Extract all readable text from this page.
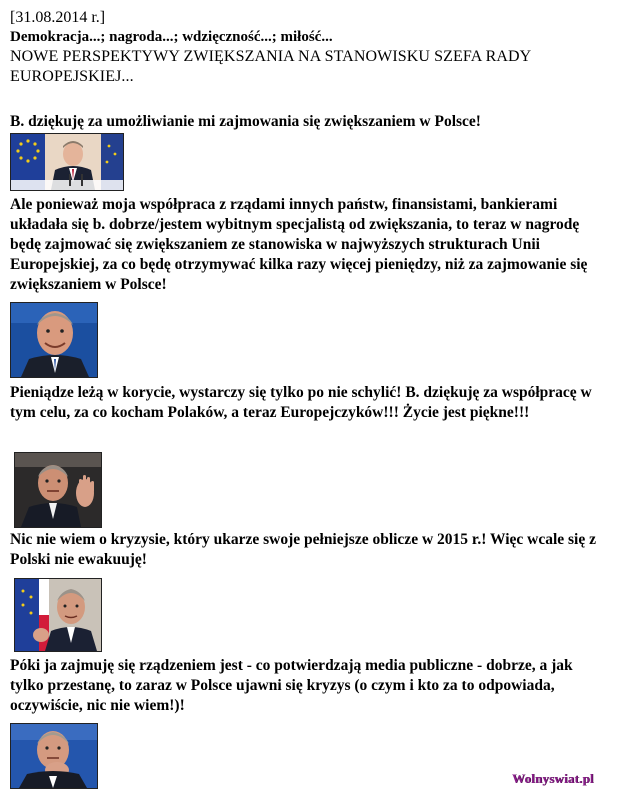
[31.08.2014 r.]
Demokracja...; nagroda...; wdzięczność...; miłość...
NOWE PERSPEKTYWY ZWIĘKSZANIA NA STANOWISKU SZEFA RADY EUROPEJSKIEJ...

B. dziękuję za umożliwianie mi zajmowania się zwiększaniem w Polsce!

Ale ponieważ moja współpraca z rządami innych państw, finansistami, bankierami układała się b. dobrze/jestem wybitnym specjalistą od zwiększania, to teraz w nagrodę będę zajmować się zwiększaniem ze stanowiska w najwyższych strukturach Unii Europejskiej, za co będę otrzymywać kilka razy więcej pieniędzy, niż za zajmowanie się zwiększaniem w Polsce!

Pieniądze leżą w korycie, wystarczy się tylko po nie schylić! B. dziękuję za współpracę w tym celu, za co kocham Polaków, a teraz Europejczyków!!! Życie jest piękne!!!

Nic nie wiem o kryzysie, który ukarze swoje pełniejsze oblicze w 2015 r.! Więc wcale się z Polski nie ewakuuję!

Póki ja zajmuję się rządzeniem jest - co potwierdzają media publiczne - dobrze, a jak tylko przestanę, to zaraz w Polsce ujawni się kryzys (o czym i kto za to odpowiada, oczywiście, nic nie wiem!)!

Wolnyswiat.pl
